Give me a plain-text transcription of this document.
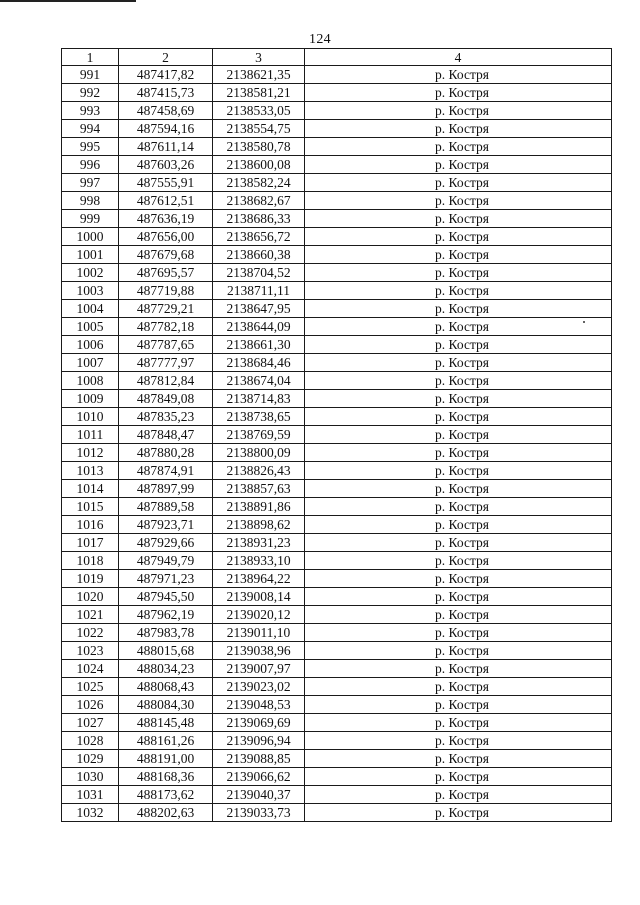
124
1	2	3	4
991	487417,82	2138621,35	р. Костря
992	487415,73	2138581,21	р. Костря
993	487458,69	2138533,05	р. Костря
994	487594,16	2138554,75	р. Костря
995	487611,14	2138580,78	р. Костря
996	487603,26	2138600,08	р. Костря
997	487555,91	2138582,24	р. Костря
998	487612,51	2138682,67	р. Костря
999	487636,19	2138686,33	р. Костря
1000	487656,00	2138656,72	р. Костря
1001	487679,68	2138660,38	р. Костря
1002	487695,57	2138704,52	р. Костря
1003	487719,88	2138711,11	р. Костря
1004	487729,21	2138647,95	р. Костря
1005	487782,18	2138644,09	р. Костря
1006	487787,65	2138661,30	р. Костря
1007	487777,97	2138684,46	р. Костря
1008	487812,84	2138674,04	р. Костря
1009	487849,08	2138714,83	р. Костря
1010	487835,23	2138738,65	р. Костря
1011	487848,47	2138769,59	р. Костря
1012	487880,28	2138800,09	р. Костря
1013	487874,91	2138826,43	р. Костря
1014	487897,99	2138857,63	р. Костря
1015	487889,58	2138891,86	р. Костря
1016	487923,71	2138898,62	р. Костря
1017	487929,66	2138931,23	р. Костря
1018	487949,79	2138933,10	р. Костря
1019	487971,23	2138964,22	р. Костря
1020	487945,50	2139008,14	р. Костря
1021	487962,19	2139020,12	р. Костря
1022	487983,78	2139011,10	р. Костря
1023	488015,68	2139038,96	р. Костря
1024	488034,23	2139007,97	р. Костря
1025	488068,43	2139023,02	р. Костря
1026	488084,30	2139048,53	р. Костря
1027	488145,48	2139069,69	р. Костря
1028	488161,26	2139096,94	р. Костря
1029	488191,00	2139088,85	р. Костря
1030	488168,36	2139066,62	р. Костря
1031	488173,62	2139040,37	р. Костря
1032	488202,63	2139033,73	р. Костря
